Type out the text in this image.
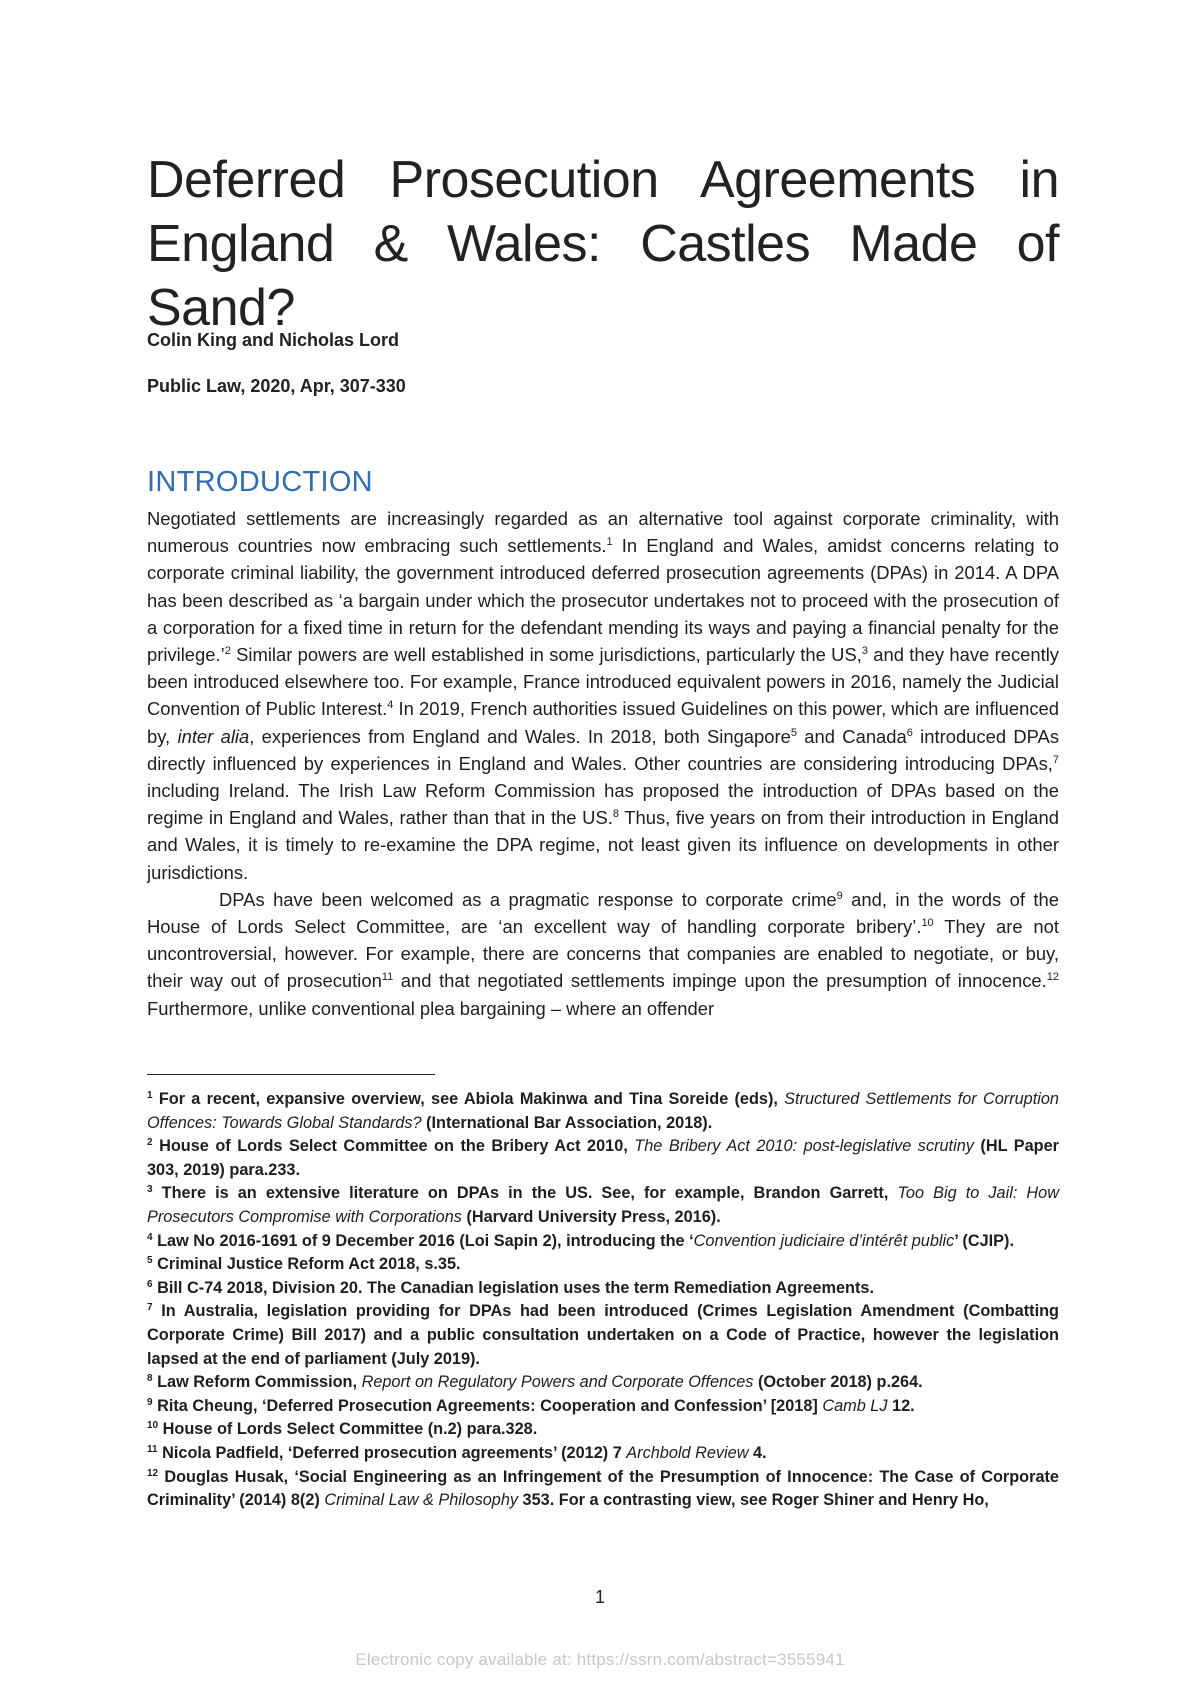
Deferred Prosecution Agreements in
England & Wales: Castles Made of Sand?
Colin King and Nicholas Lord
Public Law, 2020, Apr, 307-330
INTRODUCTION

Negotiated settlements are increasingly regarded as an alternative tool against corporate criminality, with numerous countries now embracing such settlements.$^1$ In England and Wales, amidst concerns relating to corporate criminal liability, the government introduced deferred prosecution agreements (DPAs) in 2014. A DPA has been described as ‘a bargain under which the prosecutor undertakes not to proceed with the prosecution of a corporation for a fixed time in return for the defendant mending its ways and paying a financial penalty for the privilege.’$^2$ Similar powers are well established in some jurisdictions, particularly the US,$^3$ and they have recently been introduced elsewhere too. For example, France introduced equivalent powers in 2016, namely the Judicial Convention of Public Interest.$^4$ In 2019, French authorities issued Guidelines on this power, which are influenced by, inter alia, experiences from England and Wales. In 2018, both Singapore$^5$ and Canada$^6$ introduced DPAs directly influenced by experiences in England and Wales. Other countries are considering introducing DPAs,$^7$ including Ireland. The Irish Law Reform Commission has proposed the introduction of DPAs based on the regime in England and Wales, rather than that in the US.$^8$ Thus, five years on from their introduction in England and Wales, it is timely to re-examine the DPA regime, not least given its influence on developments in other jurisdictions.

DPAs have been welcomed as a pragmatic response to corporate crime$^9$ and, in the words of the House of Lords Select Committee, are ‘an excellent way of handling corporate bribery’.$^{10}$ They are not uncontroversial, however. For example, there are concerns that companies are enabled to negotiate, or buy, their way out of prosecution$^{11}$ and that negotiated settlements impinge upon the presumption of innocence.$^{12}$ Furthermore, unlike conventional plea bargaining – where an offender

$^1$ For a recent, expansive overview, see Abiola Makinwa and Tina Soreide (eds), Structured Settlements for Corruption Offences: Towards Global Standards? (International Bar Association, 2018).

$^2$ House of Lords Select Committee on the Bribery Act 2010, The Bribery Act 2010: post-legislative scrutiny (HL Paper 303, 2019) para.233.

$^3$ There is an extensive literature on DPAs in the US. See, for example, Brandon Garrett, Too Big to Jail: How Prosecutors Compromise with Corporations (Harvard University Press, 2016).

$^4$ Law No 2016-1691 of 9 December 2016 (Loi Sapin 2), introducing the ‘Convention judiciaire d’intérêt public’ (CJIP).

$^5$ Criminal Justice Reform Act 2018, s.35.

$^6$ Bill C-74 2018, Division 20. The Canadian legislation uses the term Remediation Agreements.

$^7$ In Australia, legislation providing for DPAs had been introduced (Crimes Legislation Amendment (Combatting Corporate Crime) Bill 2017) and a public consultation undertaken on a Code of Practice, however the legislation lapsed at the end of parliament (July 2019).

$^8$ Law Reform Commission, Report on Regulatory Powers and Corporate Offences (October 2018) p.264.

$^9$ Rita Cheung, ‘Deferred Prosecution Agreements: Cooperation and Confession’ [2018] Camb LJ 12.

$^{10}$ House of Lords Select Committee (n.2) para.328.

$^{11}$ Nicola Padfield, ‘Deferred prosecution agreements’ (2012) 7 Archbold Review 4.

$^{12}$ Douglas Husak, ‘Social Engineering as an Infringement of the Presumption of Innocence: The Case of Corporate Criminality’ (2014) 8(2) Criminal Law & Philosophy 353. For a contrasting view, see Roger Shiner and Henry Ho,

1
Electronic copy available at: https://ssrn.com/abstract=3555941
